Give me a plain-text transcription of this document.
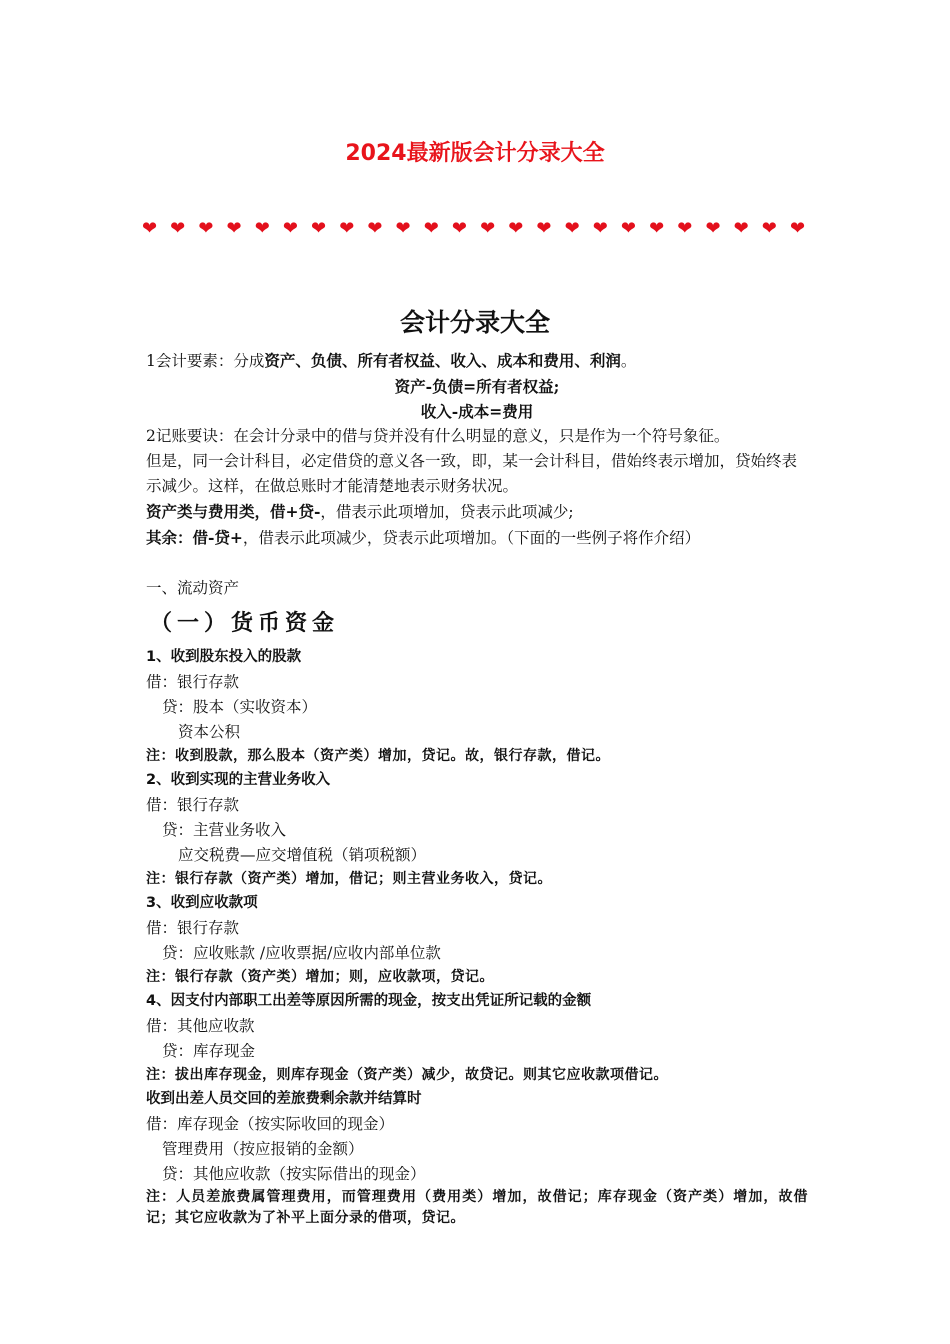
2024最新版会计分录大全
❤ ❤ ❤ ❤ ❤ ❤ ❤ ❤ ❤ ❤ ❤ ❤ ❤ ❤ ❤ ❤ ❤ ❤ ❤ ❤ ❤ ❤ ❤ ❤
会计分录大全
1会计要素：分成资产、负债、所有者权益、收入、成本和费用、利润。
资产-负债=所有者权益;
收入-成本=费用
2记账要诀：在会计分录中的借与贷并没有什么明显的意义，只是作为一个符号象征。
但是，同一会计科目，必定借贷的意义各一致，即，某一会计科目，借始终表示增加，贷始终表示减少。这样，在做总账时才能清楚地表示财务状况。
资产类与费用类，借+贷-，借表示此项增加，贷表示此项减少;
其余：借-贷+，借表示此项减少，贷表示此项增加。（下面的一些例子将作介绍）
一、流动资产
（一）货币资金
1、收到股东投入的股款
借：银行存款
贷：股本（实收资本）
资本公积
注：收到股款，那么股本（资产类）增加，贷记。故，银行存款，借记。
2、收到实现的主营业务收入
借：银行存款
贷：主营业务收入
应交税费—应交增值税（销项税额）
注：银行存款（资产类）增加，借记；则主营业务收入，贷记。
3、收到应收款项
借：银行存款
贷：应收账款 /应收票据/应收内部单位款
注：银行存款（资产类）增加；则，应收款项，贷记。
4、因支付内部职工出差等原因所需的现金，按支出凭证所记载的金额
借：其他应收款
贷：库存现金
注：拔出库存现金，则库存现金（资产类）减少，故贷记。则其它应收款项借记。
收到出差人员交回的差旅费剩余款并结算时
借：库存现金（按实际收回的现金）
管理费用（按应报销的金额）
贷：其他应收款（按实际借出的现金）
注：人员差旅费属管理费用，而管理费用（费用类）增加，故借记；库存现金（资产类）增加，故借记；其它应收款为了补平上面分录的借项，贷记。
